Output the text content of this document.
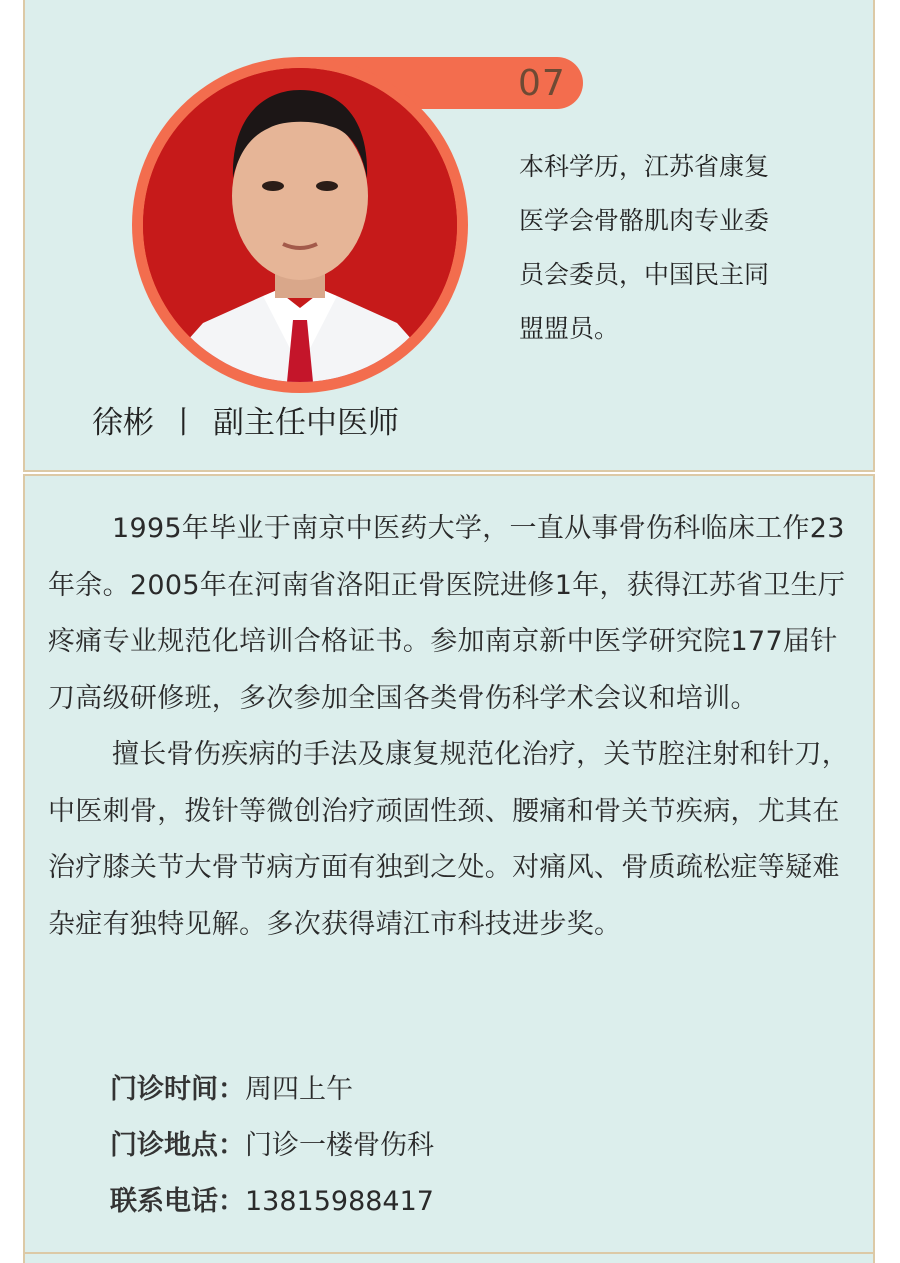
07
本科学历，江苏省康复
医学会骨骼肌肉专业委
员会委员，中国民主同
盟盟员。
徐彬 丨 副主任中医师

1995年毕业于南京中医药大学，一直从事骨伤科临床工作23年余。2005年在河南省洛阳正骨医院进修1年，获得江苏省卫生厅疼痛专业规范化培训合格证书。参加南京新中医学研究院177届针刀高级研修班，多次参加全国各类骨伤科学术会议和培训。

擅长骨伤疾病的手法及康复规范化治疗，关节腔注射和针刀，中医刺骨，拨针等微创治疗顽固性颈、腰痛和骨关节疾病，尤其在治疗膝关节大骨节病方面有独到之处。对痛风、骨质疏松症等疑难杂症有独特见解。多次获得靖江市科技进步奖。

门诊时间：周四上午
门诊地点：门诊一楼骨伤科
联系电话：13815988417
